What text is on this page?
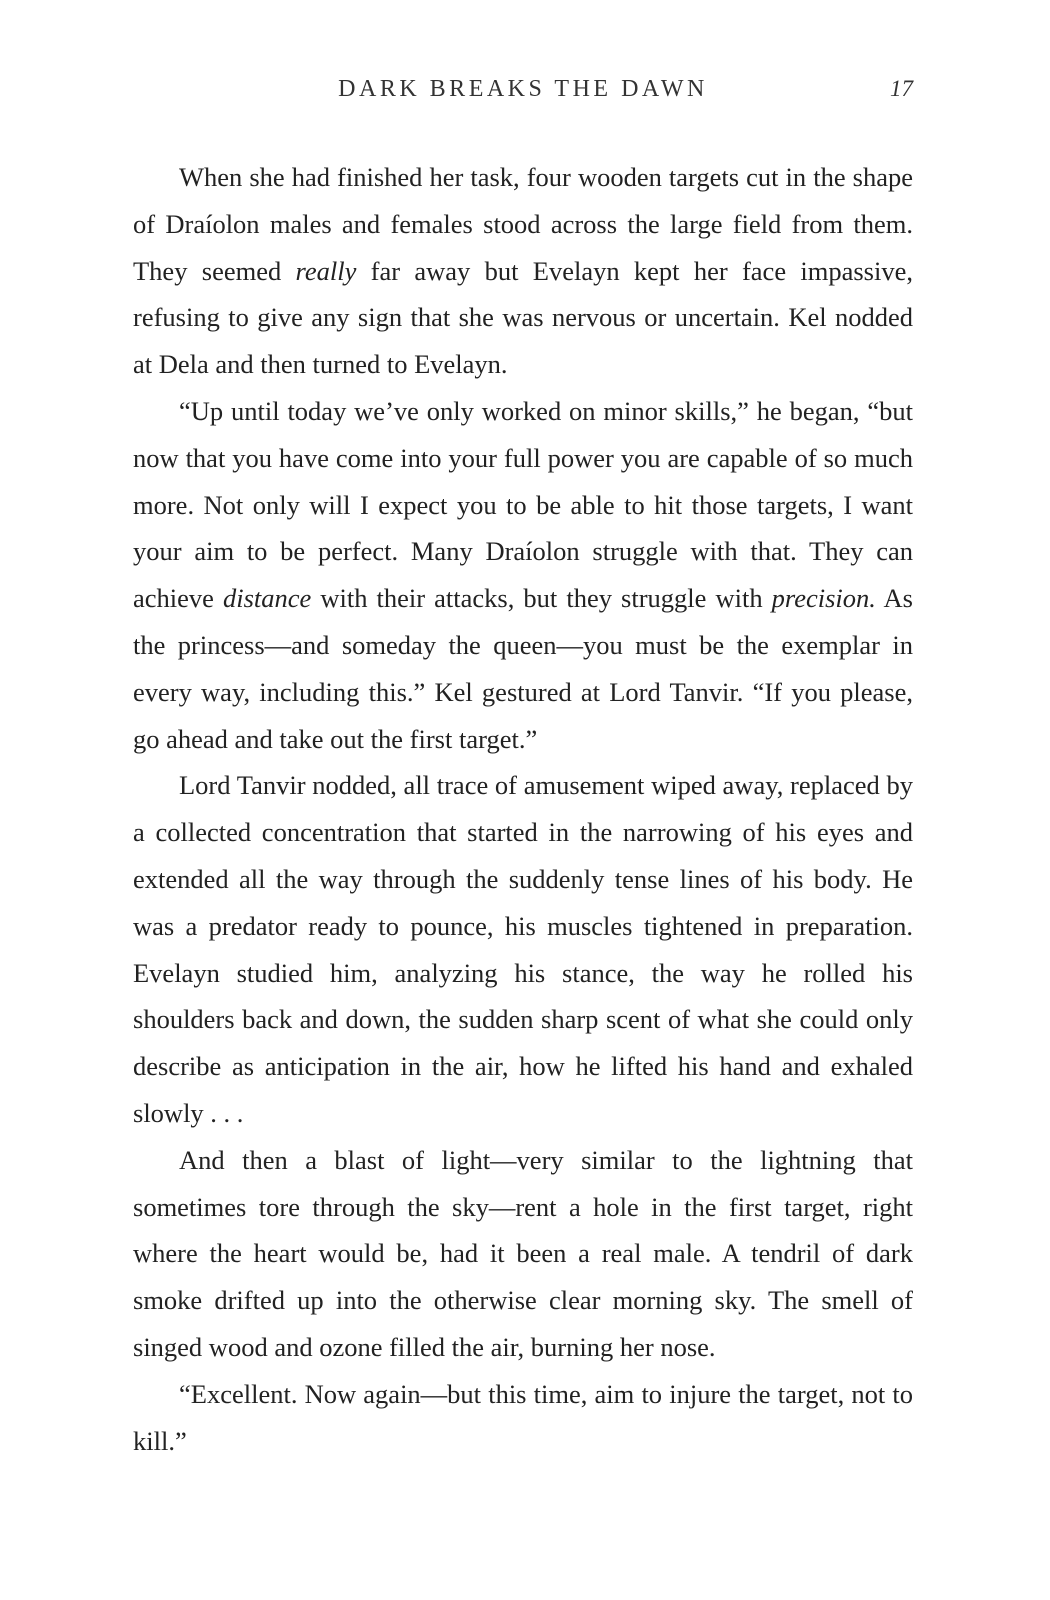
DARK BREAKS THE DAWN	17

When she had finished her task, four wooden targets cut in the shape of Draíolon males and females stood across the large field from them. They seemed really far away but Evelayn kept her face impassive, refusing to give any sign that she was nervous or uncertain. Kel nodded at Dela and then turned to Evelayn.

“Up until today we’ve only worked on minor skills,” he began, “but now that you have come into your full power you are capable of so much more. Not only will I expect you to be able to hit those targets, I want your aim to be perfect. Many Draíolon struggle with that. They can achieve distance with their attacks, but they struggle with precision. As the princess—and someday the queen—you must be the exemplar in every way, including this.” Kel gestured at Lord Tanvir. “If you please, go ahead and take out the first target.”

Lord Tanvir nodded, all trace of amusement wiped away, replaced by a collected concentration that started in the narrowing of his eyes and extended all the way through the suddenly tense lines of his body. He was a predator ready to pounce, his muscles tightened in preparation. Evelayn studied him, analyzing his stance, the way he rolled his shoulders back and down, the sudden sharp scent of what she could only describe as anticipation in the air, how he lifted his hand and exhaled slowly . . .

And then a blast of light—very similar to the lightning that sometimes tore through the sky—rent a hole in the first target, right where the heart would be, had it been a real male. A tendril of dark smoke drifted up into the otherwise clear morning sky. The smell of singed wood and ozone filled the air, burning her nose.

“Excellent. Now again—but this time, aim to injure the target, not to kill.”
